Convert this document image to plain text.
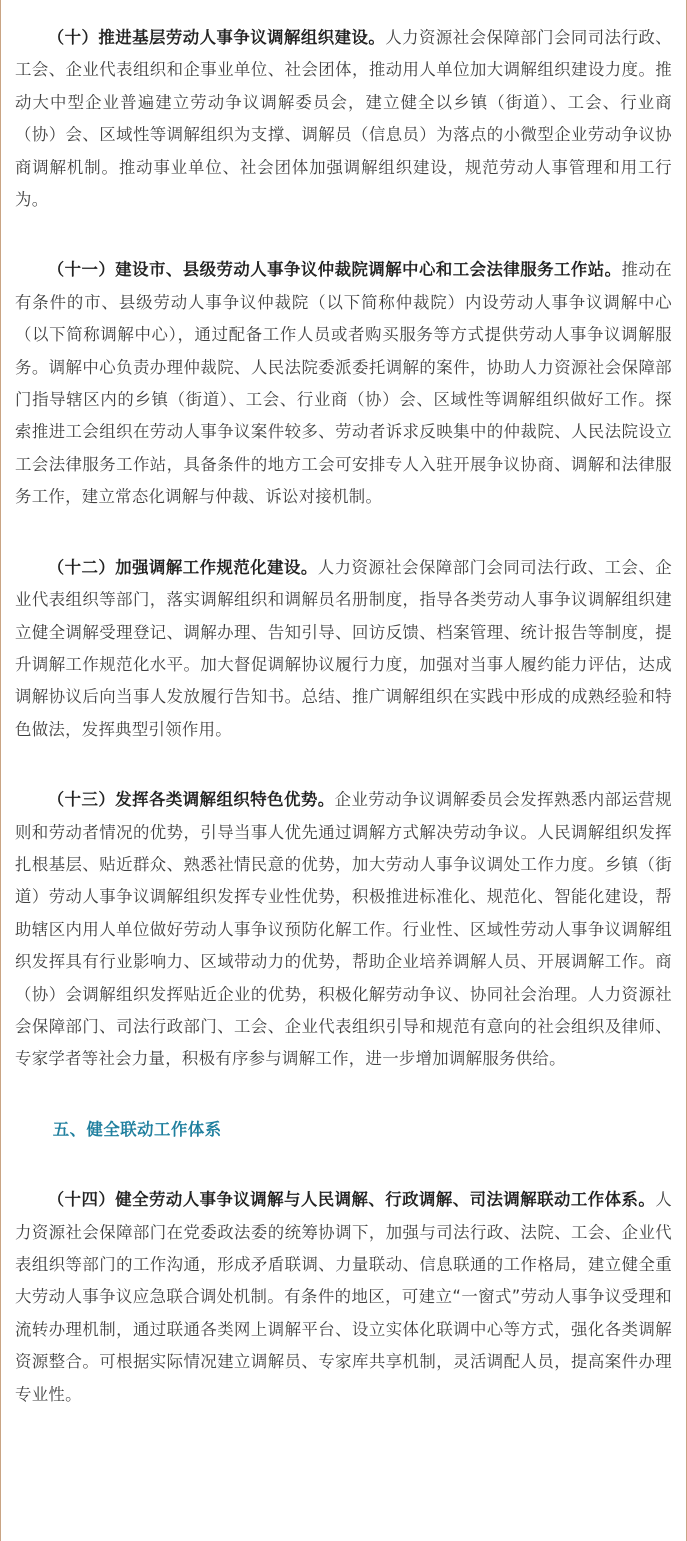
（十）推进基层劳动人事争议调解组织建设。人力资源社会保障部门会同司法行政、工会、企业代表组织和企事业单位、社会团体，推动用人单位加大调解组织建设力度。推动大中型企业普遍建立劳动争议调解委员会，建立健全以乡镇（街道）、工会、行业商（协）会、区域性等调解组织为支撑、调解员（信息员）为落点的小微型企业劳动争议协商调解机制。推动事业单位、社会团体加强调解组织建设，规范劳动人事管理和用工行为。

（十一）建设市、县级劳动人事争议仲裁院调解中心和工会法律服务工作站。推动在有条件的市、县级劳动人事争议仲裁院（以下简称仲裁院）内设劳动人事争议调解中心（以下简称调解中心），通过配备工作人员或者购买服务等方式提供劳动人事争议调解服务。调解中心负责办理仲裁院、人民法院委派委托调解的案件，协助人力资源社会保障部门指导辖区内的乡镇（街道）、工会、行业商（协）会、区域性等调解组织做好工作。探索推进工会组织在劳动人事争议案件较多、劳动者诉求反映集中的仲裁院、人民法院设立工会法律服务工作站，具备条件的地方工会可安排专人入驻开展争议协商、调解和法律服务工作，建立常态化调解与仲裁、诉讼对接机制。

（十二）加强调解工作规范化建设。人力资源社会保障部门会同司法行政、工会、企业代表组织等部门，落实调解组织和调解员名册制度，指导各类劳动人事争议调解组织建立健全调解受理登记、调解办理、告知引导、回访反馈、档案管理、统计报告等制度，提升调解工作规范化水平。加大督促调解协议履行力度，加强对当事人履约能力评估，达成调解协议后向当事人发放履行告知书。总结、推广调解组织在实践中形成的成熟经验和特色做法，发挥典型引领作用。

（十三）发挥各类调解组织特色优势。企业劳动争议调解委员会发挥熟悉内部运营规则和劳动者情况的优势，引导当事人优先通过调解方式解决劳动争议。人民调解组织发挥扎根基层、贴近群众、熟悉社情民意的优势，加大劳动人事争议调处工作力度。乡镇（街道）劳动人事争议调解组织发挥专业性优势，积极推进标准化、规范化、智能化建设，帮助辖区内用人单位做好劳动人事争议预防化解工作。行业性、区域性劳动人事争议调解组织发挥具有行业影响力、区域带动力的优势，帮助企业培养调解人员、开展调解工作。商（协）会调解组织发挥贴近企业的优势，积极化解劳动争议、协同社会治理。人力资源社会保障部门、司法行政部门、工会、企业代表组织引导和规范有意向的社会组织及律师、专家学者等社会力量，积极有序参与调解工作，进一步增加调解服务供给。

五、健全联动工作体系

（十四）健全劳动人事争议调解与人民调解、行政调解、司法调解联动工作体系。人力资源社会保障部门在党委政法委的统筹协调下，加强与司法行政、法院、工会、企业代表组织等部门的工作沟通，形成矛盾联调、力量联动、信息联通的工作格局，建立健全重大劳动人事争议应急联合调处机制。有条件的地区，可建立“一窗式”劳动人事争议受理和流转办理机制，通过联通各类网上调解平台、设立实体化联调中心等方式，强化各类调解资源整合。可根据实际情况建立调解员、专家库共享机制，灵活调配人员，提高案件办理专业性。
